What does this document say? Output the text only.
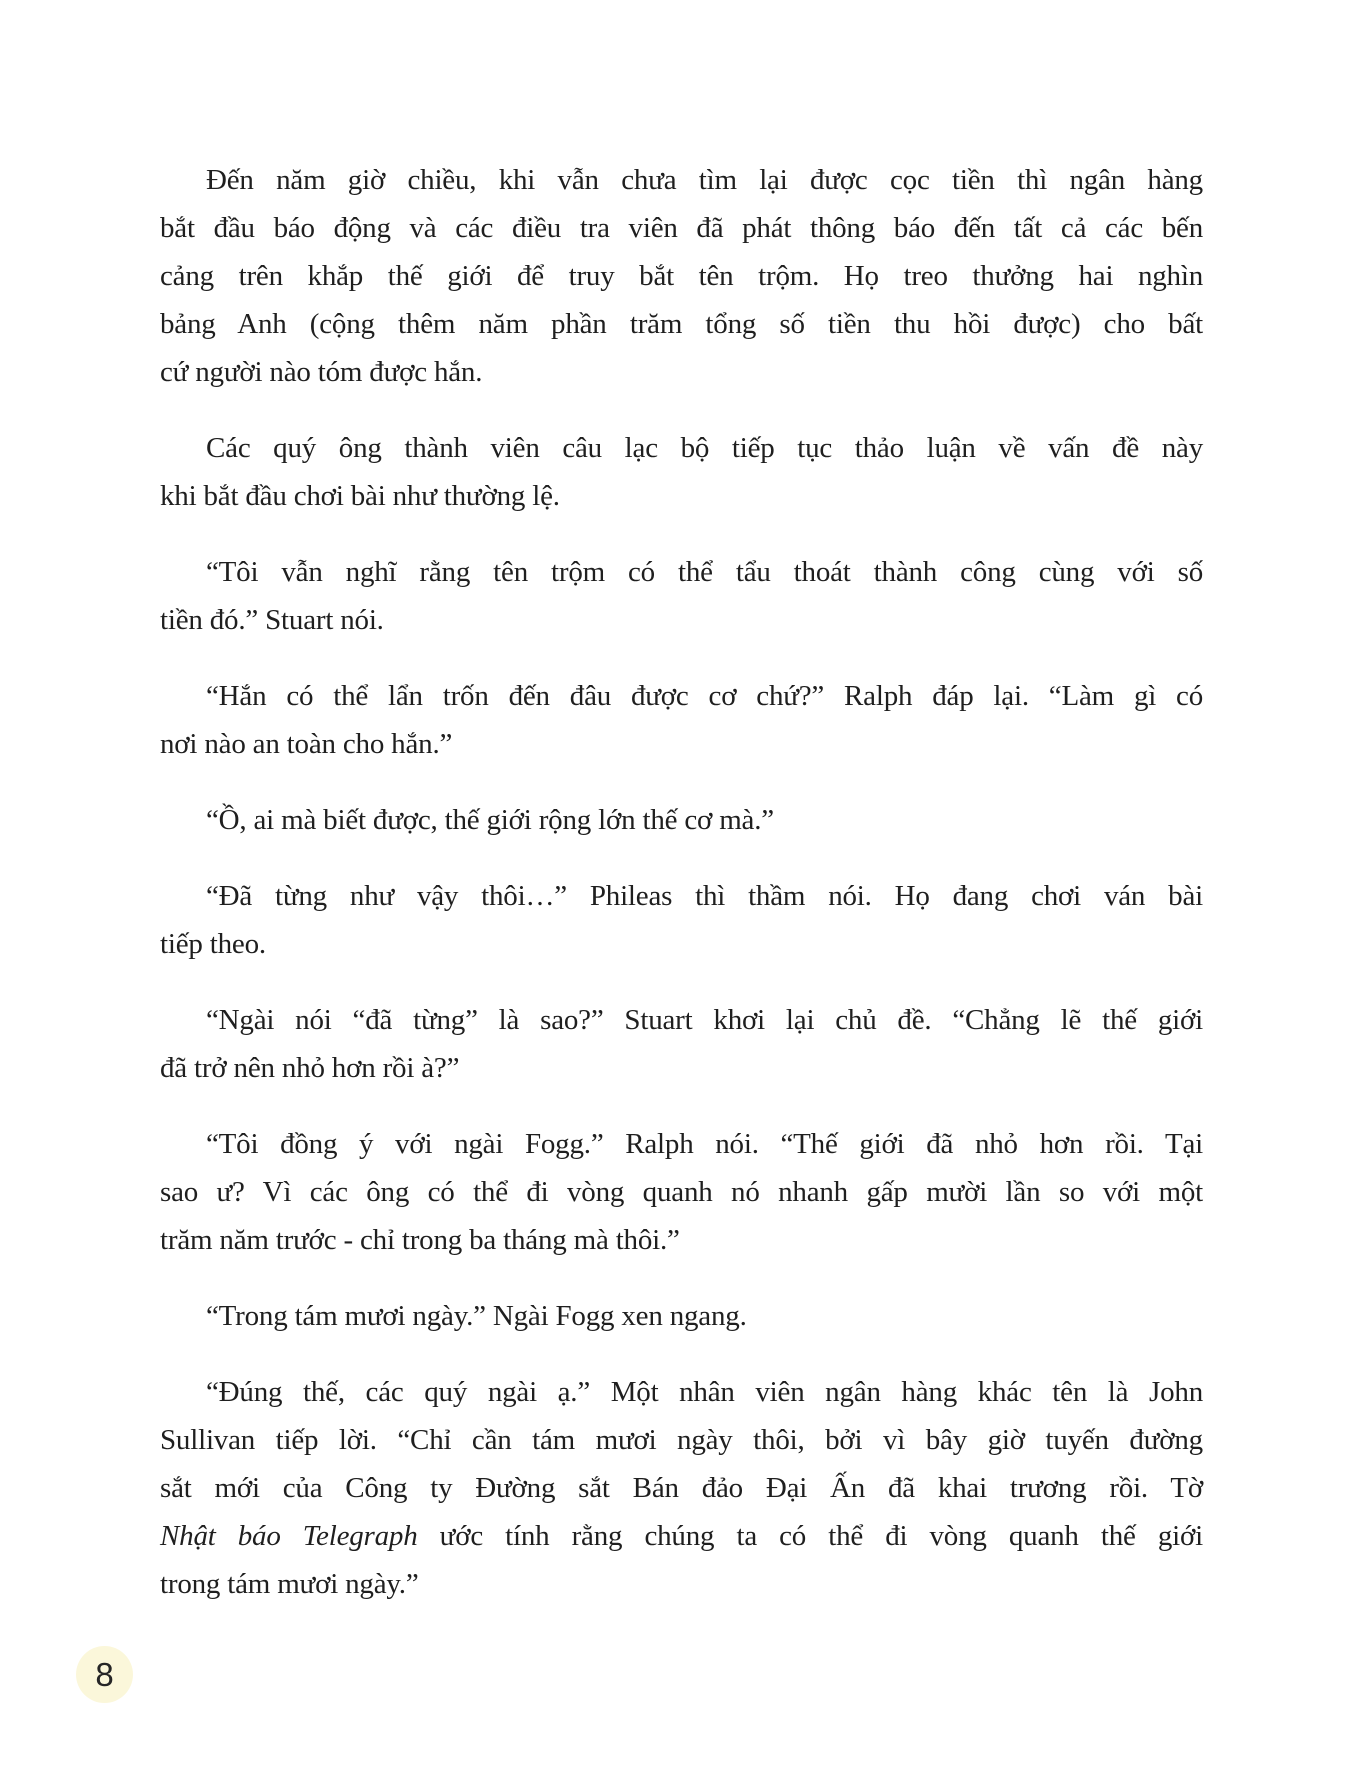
Đến năm giờ chiều, khi vẫn chưa tìm lại được cọc tiền thì ngân hàng
bắt đầu báo động và các điều tra viên đã phát thông báo đến tất cả các bến
cảng trên khắp thế giới để truy bắt tên trộm. Họ treo thưởng hai nghìn
bảng Anh (cộng thêm năm phần trăm tổng số tiền thu hồi được) cho bất
cứ người nào tóm được hắn.

Các quý ông thành viên câu lạc bộ tiếp tục thảo luận về vấn đề này
khi bắt đầu chơi bài như thường lệ.

“Tôi vẫn nghĩ rằng tên trộm có thể tẩu thoát thành công cùng với số
tiền đó.” Stuart nói.

“Hắn có thể lẩn trốn đến đâu được cơ chứ?” Ralph đáp lại. “Làm gì có
nơi nào an toàn cho hắn.”

“Ồ, ai mà biết được, thế giới rộng lớn thế cơ mà.”

“Đã từng như vậy thôi…” Phileas thì thầm nói. Họ đang chơi ván bài
tiếp theo.

“Ngài nói “đã từng” là sao?” Stuart khơi lại chủ đề. “Chẳng lẽ thế giới
đã trở nên nhỏ hơn rồi à?”

“Tôi đồng ý với ngài Fogg.” Ralph nói. “Thế giới đã nhỏ hơn rồi. Tại
sao ư? Vì các ông có thể đi vòng quanh nó nhanh gấp mười lần so với một
trăm năm trước - chỉ trong ba tháng mà thôi.”

“Trong tám mươi ngày.” Ngài Fogg xen ngang.

“Đúng thế, các quý ngài ạ.” Một nhân viên ngân hàng khác tên là John
Sullivan tiếp lời. “Chỉ cần tám mươi ngày thôi, bởi vì bây giờ tuyến đường
sắt mới của Công ty Đường sắt Bán đảo Đại Ấn đã khai trương rồi. Tờ
Nhật báo Telegraph ước tính rằng chúng ta có thể đi vòng quanh thế giới
trong tám mươi ngày.”

8
